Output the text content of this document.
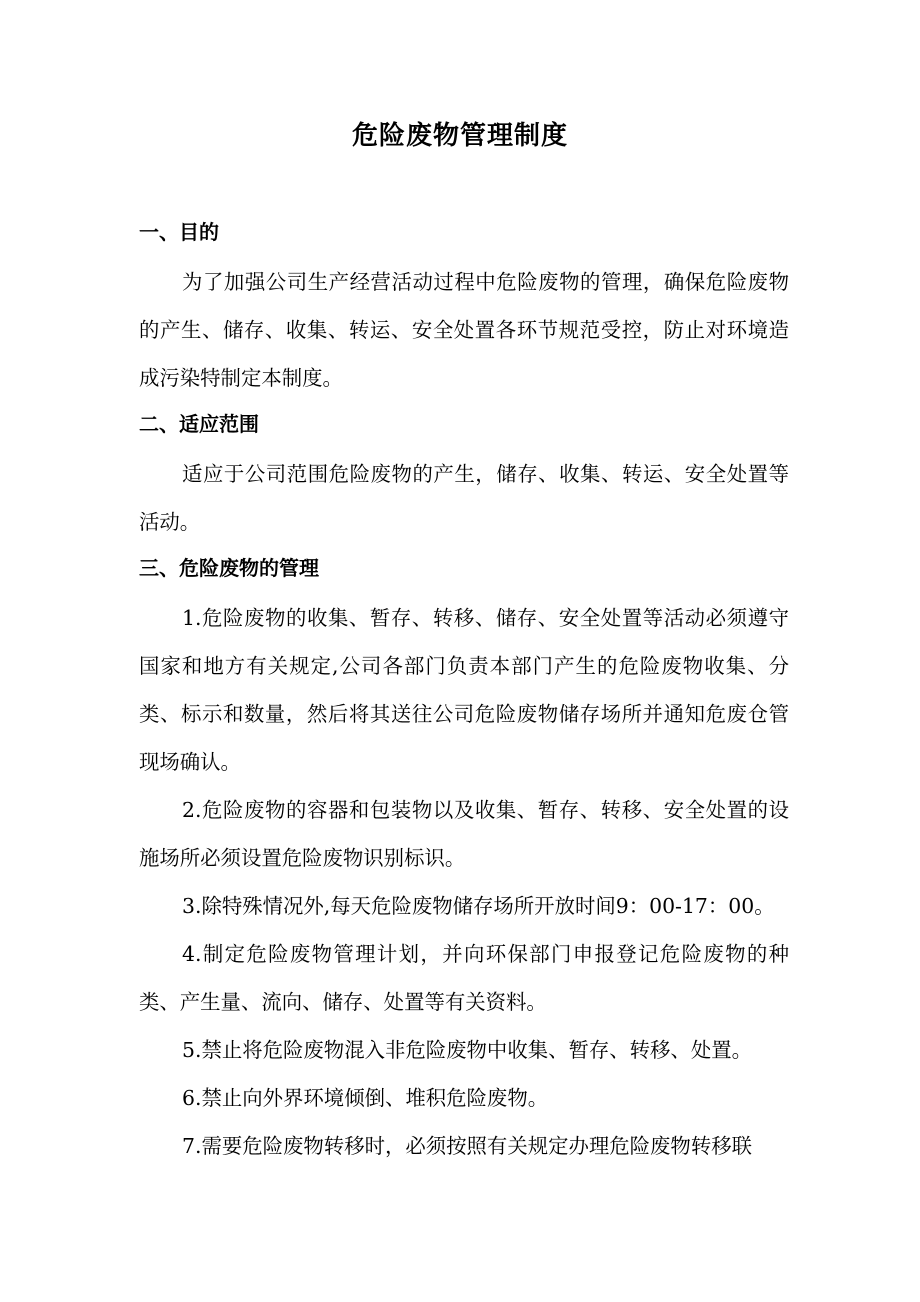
危险废物管理制度
一、目的

为了加强公司生产经营活动过程中危险废物的管理，确保危险废物的产生、储存、收集、转运、安全处置各环节规范受控，防止对环境造成污染特制定本制度。

二、适应范围

适应于公司范围危险废物的产生，储存、收集、转运、安全处置等活动。

三、危险废物的管理

1.危险废物的收集、暂存、转移、储存、安全处置等活动必须遵守国家和地方有关规定,公司各部门负责本部门产生的危险废物收集、分类、标示和数量，然后将其送往公司危险废物储存场所并通知危废仓管现场确认。

2.危险废物的容器和包装物以及收集、暂存、转移、安全处置的设施场所必须设置危险废物识别标识。

3.除特殊情况外,每天危险废物储存场所开放时间9：00-17：00。

4.制定危险废物管理计划，并向环保部门申报登记危险废物的种类、产生量、流向、储存、处置等有关资料。

5.禁止将危险废物混入非危险废物中收集、暂存、转移、处置。

6.禁止向外界环境倾倒、堆积危险废物。

7.需要危险废物转移时，必须按照有关规定办理危险废物转移联
